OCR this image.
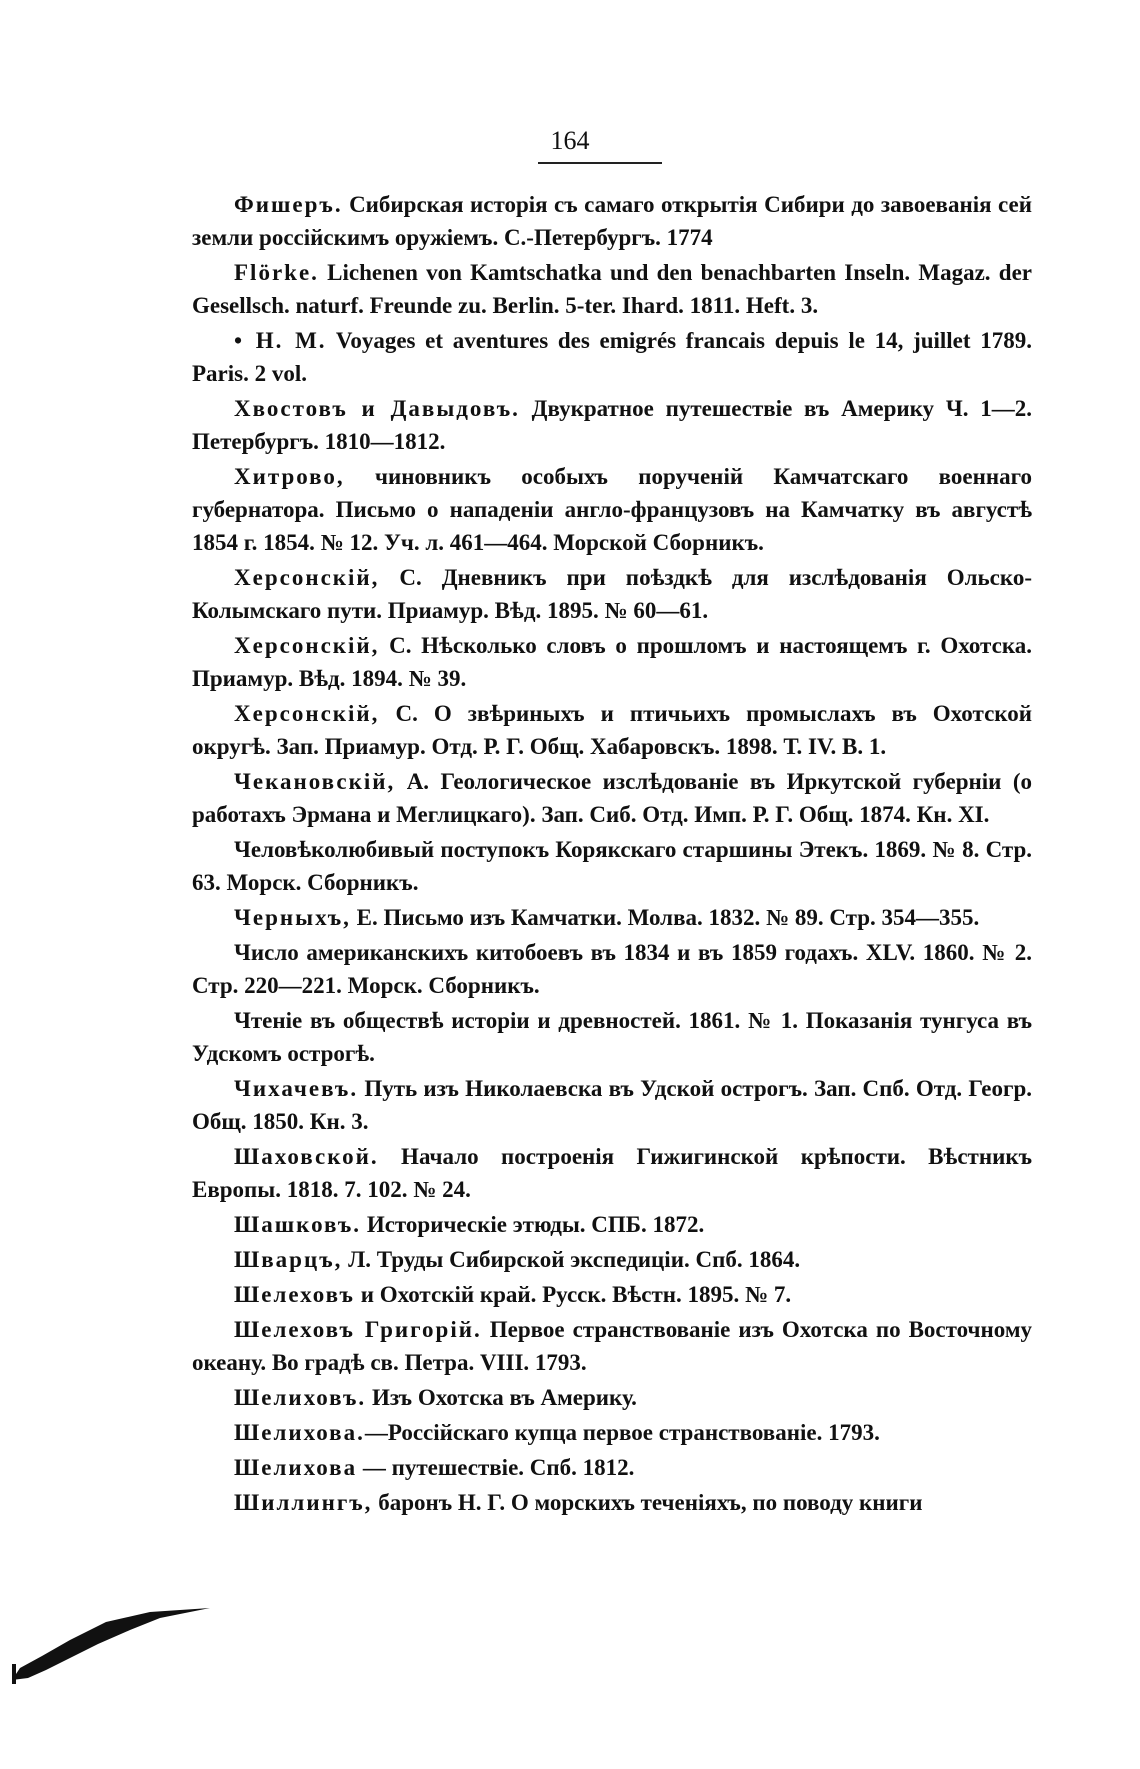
164

Фишеръ. Сибирская исторія съ самаго открытія Сибири до завоеванія сей земли россійскимъ оружіемъ. С.-Петербургъ. 1774

Flörke. Lichenen von Kamtschatka und den benachbarten Inseln. Magaz. der Gesellsch. naturf. Freunde zu. Berlin. 5-ter. Ihard. 1811. Heft. 3.

• H. M. Voyages et aventures des emigrés francais depuis le 14, juillet 1789. Paris. 2 vol.

Хвостовъ и Давыдовъ. Двукратное путешествіе въ Америку Ч. 1—2. Петербургъ. 1810—1812.

Хитрово, чиновникъ особыхъ порученій Камчатскаго военнаго губернатора. Письмо о нападеніи англо-французовъ на Камчатку въ августѣ 1854 г. 1854. № 12. Уч. л. 461—464. Морской Сборникъ.

Херсонскій, С. Дневникъ при поѣздкѣ для изслѣдованія Ольско-Колымскаго пути. Приамур. Вѣд. 1895. № 60—61.

Херсонскій, С. Нѣсколько словъ о прошломъ и настоящемъ г. Охотска. Приамур. Вѣд. 1894. № 39.

Херсонскій, С. О звѣриныхъ и птичьихъ промыслахъ въ Охотской округѣ. Зап. Приамур. Отд. Р. Г. Общ. Хабаровскъ. 1898. Т. IV. В. 1.

Чекановскій, А. Геологическое изслѣдованіе въ Иркутской губерніи (о работахъ Эрмана и Меглицкаго). Зап. Сиб. Отд. Имп. Р. Г. Общ. 1874. Кн. XI.

Человѣколюбивый поступокъ Корякскаго старшины Этекъ. 1869. № 8. Стр. 63. Морск. Сборникъ.

Черныхъ, Е. Письмо изъ Камчатки. Молва. 1832. № 89. Стр. 354—355.

Число американскихъ китобоевъ въ 1834 и въ 1859 годахъ. XLV. 1860. № 2. Стр. 220—221. Морск. Сборникъ.

Чтеніе въ обществѣ исторіи и древностей. 1861. № 1. Показанія тунгуса въ Удскомъ острогѣ.

Чихачевъ. Путь изъ Николаевска въ Удской острогъ. Зап. Спб. Отд. Геогр. Общ. 1850. Кн. 3.

Шаховской. Начало построенія Гижигинской крѣпости. Вѣстникъ Европы. 1818. 7. 102. № 24.

Шашковъ. Историческіе этюды. СПБ. 1872.

Шварцъ, Л. Труды Сибирской экспедиціи. Спб. 1864.

Шелеховъ и Охотскій край. Русск. Вѣстн. 1895. № 7.

Шелеховъ Григорій. Первое странствованіе изъ Охотска по Восточному океану. Во градѣ св. Петра. VIII. 1793.

Шелиховъ. Изъ Охотска въ Америку.

Шелихова.—Россійскаго купца первое странствованіе. 1793.

Шелихова — путешествіе. Спб. 1812.

Шиллингъ, баронъ Н. Г. О морскихъ теченіяхъ, по поводу книги
